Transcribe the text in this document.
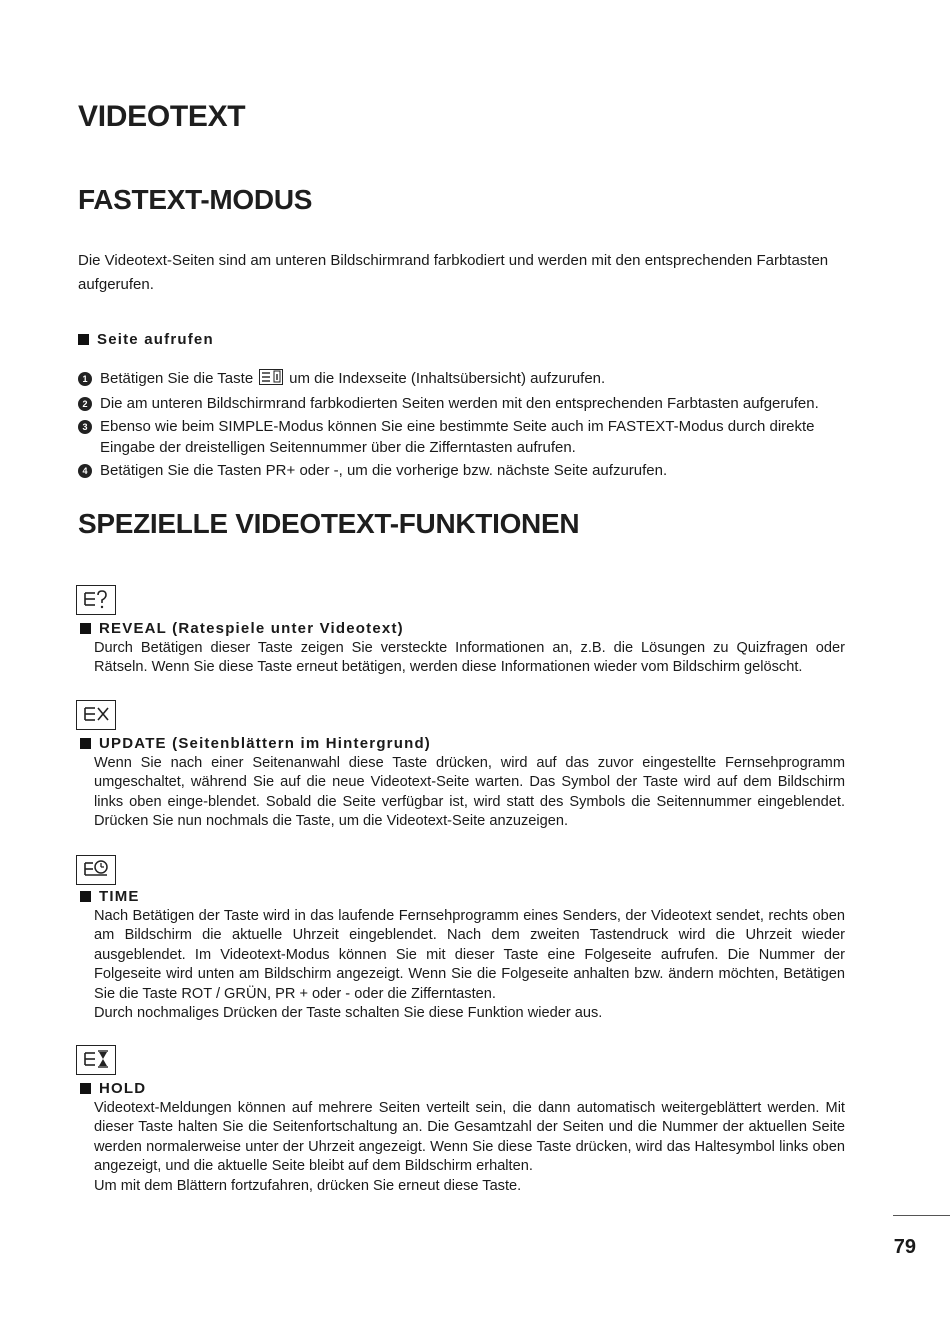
VIDEOTEXT
FASTEXT-MODUS

Die Videotext-Seiten sind am unteren Bildschirmrand farbkodiert und werden mit den entsprechenden Farbtasten aufgerufen.

Seite aufrufen
1 Betätigen Sie die Taste um die Indexseite (Inhaltsübersicht) aufzurufen.
2 Die am unteren Bildschirmrand farbkodierten Seiten werden mit den entsprechenden Farbtasten aufgerufen.
3 Ebenso wie beim SIMPLE-Modus können Sie eine bestimmte Seite auch im FASTEXT-Modus durch direkte Eingabe der dreistelligen Seitennummer über die Zifferntasten aufrufen.
4 Betätigen Sie die Tasten PR+ oder -, um die vorherige bzw. nächste Seite aufzurufen.
SPEZIELLE VIDEOTEXT-FUNKTIONEN
REVEAL (Ratespiele unter Videotext)

Durch Betätigen dieser Taste zeigen Sie versteckte Informationen an, z.B. die Lösungen zu Quizfragen oder Rätseln. Wenn Sie diese Taste erneut betätigen, werden diese Informationen wieder vom Bildschirm gelöscht.

UPDATE (Seitenblättern im Hintergrund)

Wenn Sie nach einer Seitenanwahl diese Taste drücken, wird auf das zuvor eingestellte Fernsehprogramm umgeschaltet, während Sie auf die neue Videotext-Seite warten. Das Symbol der Taste wird auf dem Bildschirm links oben einge-blendet. Sobald die Seite verfügbar ist, wird statt des Symbols die Seitennummer eingeblendet. Drücken Sie nun nochmals die Taste, um die Videotext-Seite anzuzeigen.

TIME

Nach Betätigen der Taste wird in das laufende Fernsehprogramm eines Senders, der Videotext sendet, rechts oben am Bildschirm die aktuelle Uhrzeit eingeblendet. Nach dem zweiten Tastendruck wird die Uhrzeit wieder ausgeblendet. Im Videotext-Modus können Sie mit dieser Taste eine Folgeseite aufrufen. Die Nummer der Folgeseite wird unten am Bildschirm angezeigt. Wenn Sie die Folgeseite anhalten bzw. ändern möchten, Betätigen Sie die Taste ROT / GRÜN, PR + oder - oder die Zifferntasten.

Durch nochmaliges Drücken der Taste schalten Sie diese Funktion wieder aus.

HOLD

Videotext-Meldungen können auf mehrere Seiten verteilt sein, die dann automatisch weitergeblättert werden. Mit dieser Taste halten Sie die Seitenfortschaltung an. Die Gesamtzahl der Seiten und die Nummer der aktuellen Seite werden normalerweise unter der Uhrzeit angezeigt. Wenn Sie diese Taste drücken, wird das Haltesymbol links oben angezeigt, und die aktuelle Seite bleibt auf dem Bildschirm erhalten.

Um mit dem Blättern fortzufahren, drücken Sie erneut diese Taste.

79
